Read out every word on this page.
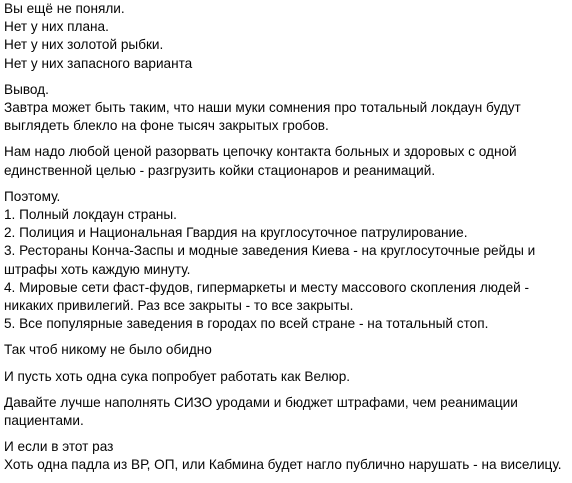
Вы ещё не поняли.
Нет у них плана.
Нет у них золотой рыбки.
Нет у них запасного варианта
Вывод.
Завтра может быть таким, что наши муки сомнения про тотальный локдаун будут
выглядеть блекло на фоне тысяч закрытых гробов.
Нам надо любой ценой разорвать цепочку контакта больных и здоровых с одной
единственной целью - разгрузить койки стационаров и реанимаций.
Поэтому.
1. Полный локдаун страны.
2. Полиция и Национальная Гвардия на круглосуточное патрулирование.
3. Рестораны Конча-Заспы и модные заведения Киева - на круглосуточные рейды и
штрафы хоть каждую минуту.
4. Мировые сети фаст-фудов, гипермаркеты и месту массового скопления людей -
никаких привилегий. Раз все закрыты - то все закрыты.
5. Все популярные заведения в городах по всей стране - на тотальный стоп.
Так чтоб никому не было обидно
И пусть хоть одна сука попробует работать как Велюр.
Давайте лучше наполнять СИЗО уродами и бюджет штрафами, чем реанимации
пациентами.
И если в этот раз
Хоть одна падла из ВР, ОП, или Кабмина будет нагло публично нарушать - на виселицу.
